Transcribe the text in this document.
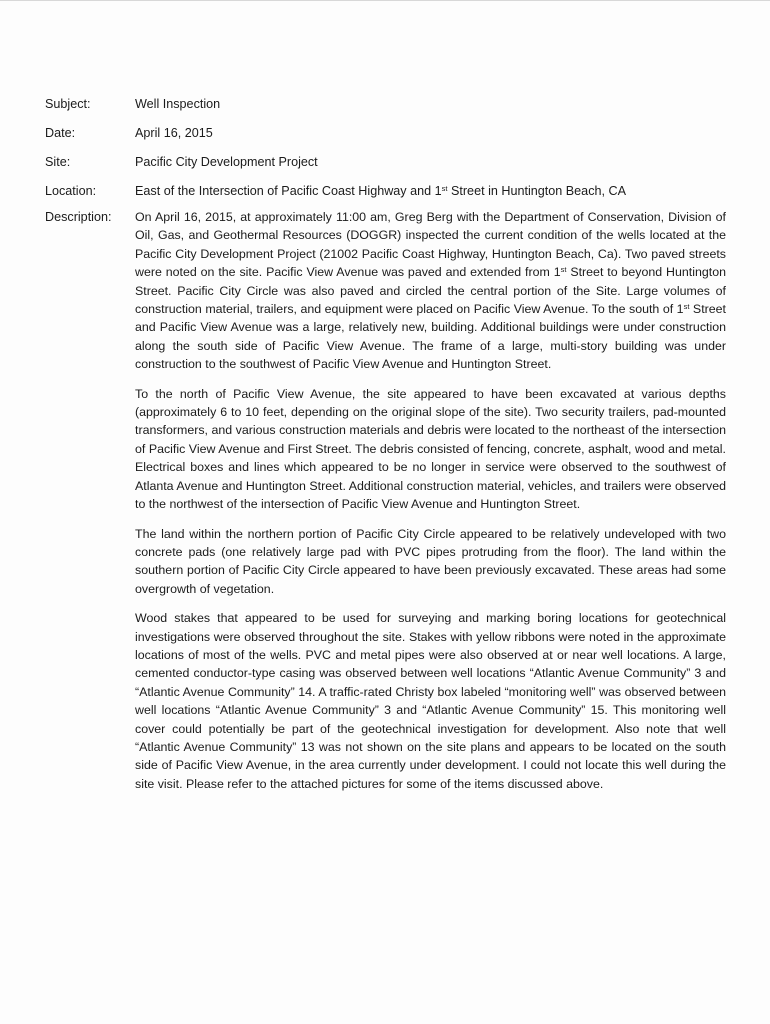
Subject:	Well Inspection
Date:	April 16, 2015
Site:	Pacific City Development Project
Location:	East of the Intersection of Pacific Coast Highway and 1st Street in Huntington Beach, CA
Description: On April 16, 2015, at approximately 11:00 am, Greg Berg with the Department of Conservation, Division of Oil, Gas, and Geothermal Resources (DOGGR) inspected the current condition of the wells located at the Pacific City Development Project (21002 Pacific Coast Highway, Huntington Beach, Ca). Two paved streets were noted on the site. Pacific View Avenue was paved and extended from 1st Street to beyond Huntington Street. Pacific City Circle was also paved and circled the central portion of the Site. Large volumes of construction material, trailers, and equipment were placed on Pacific View Avenue. To the south of 1st Street and Pacific View Avenue was a large, relatively new, building. Additional buildings were under construction along the south side of Pacific View Avenue. The frame of a large, multi-story building was under construction to the southwest of Pacific View Avenue and Huntington Street.

To the north of Pacific View Avenue, the site appeared to have been excavated at various depths (approximately 6 to 10 feet, depending on the original slope of the site). Two security trailers, pad-mounted transformers, and various construction materials and debris were located to the northeast of the intersection of Pacific View Avenue and First Street. The debris consisted of fencing, concrete, asphalt, wood and metal. Electrical boxes and lines which appeared to be no longer in service were observed to the southwest of Atlanta Avenue and Huntington Street. Additional construction material, vehicles, and trailers were observed to the northwest of the intersection of Pacific View Avenue and Huntington Street.

The land within the northern portion of Pacific City Circle appeared to be relatively undeveloped with two concrete pads (one relatively large pad with PVC pipes protruding from the floor). The land within the southern portion of Pacific City Circle appeared to have been previously excavated. These areas had some overgrowth of vegetation.

Wood stakes that appeared to be used for surveying and marking boring locations for geotechnical investigations were observed throughout the site. Stakes with yellow ribbons were noted in the approximate locations of most of the wells. PVC and metal pipes were also observed at or near well locations. A large, cemented conductor-type casing was observed between well locations “Atlantic Avenue Community” 3 and “Atlantic Avenue Community” 14. A traffic-rated Christy box labeled “monitoring well” was observed between well locations “Atlantic Avenue Community” 3 and “Atlantic Avenue Community” 15. This monitoring well cover could potentially be part of the geotechnical investigation for development. Also note that well “Atlantic Avenue Community” 13 was not shown on the site plans and appears to be located on the south side of Pacific View Avenue, in the area currently under development. I could not locate this well during the site visit. Please refer to the attached pictures for some of the items discussed above.
